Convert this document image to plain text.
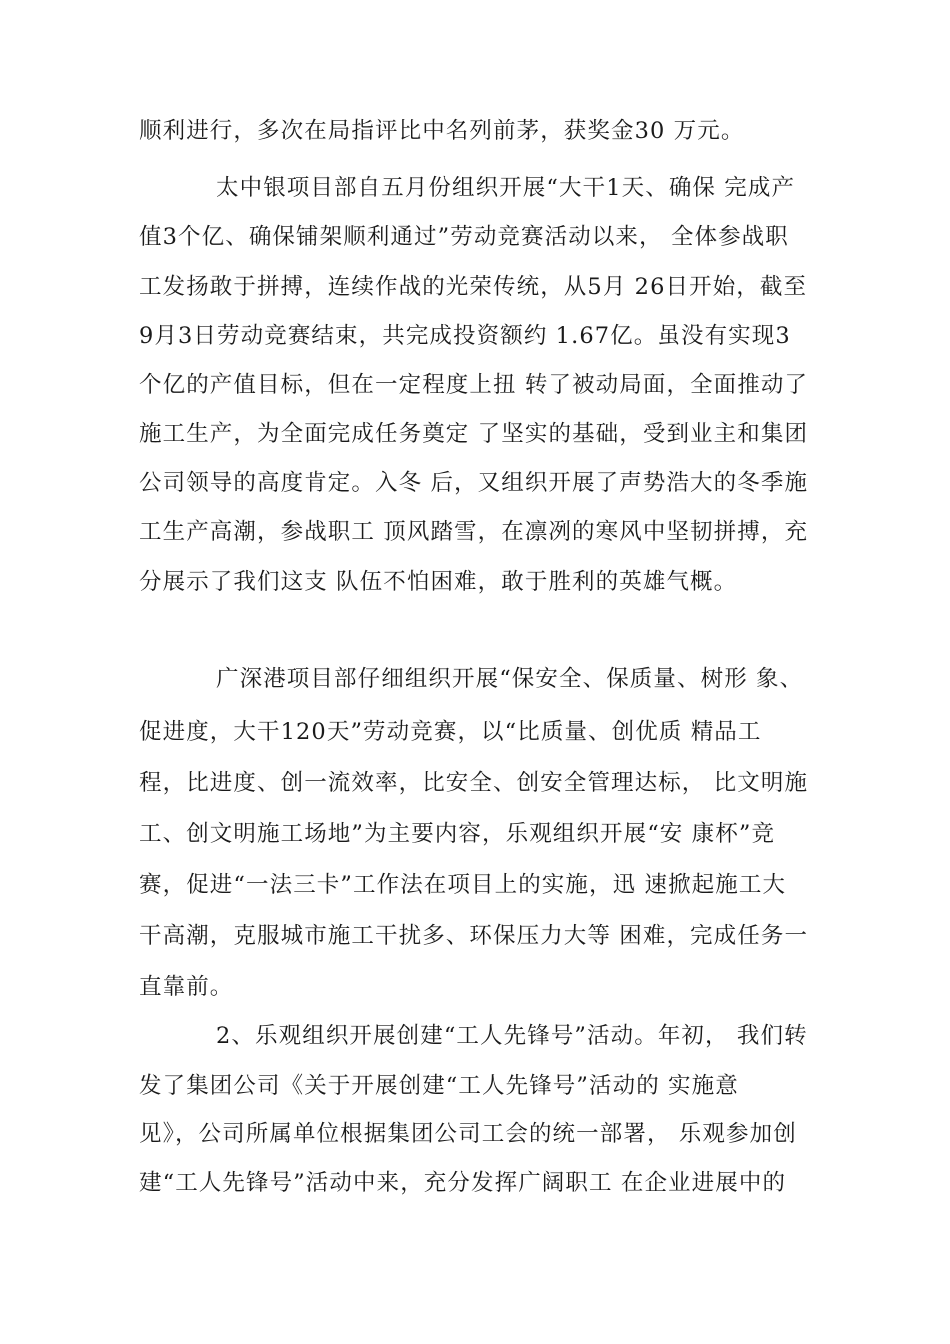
顺利进行，多次在局指评比中名列前茅，获奖金30 万元。
太中银项目部自五月份组织开展“大干1天、确保 完成产
值3个亿、确保铺架顺利通过”劳动竞赛活动以来， 全体参战职
工发扬敢于拼搏，连续作战的光荣传统，从5月 26日开始，截至
9月3日劳动竞赛结束，共完成投资额约 1.67亿。虽没有实现3
个亿的产值目标，但在一定程度上扭 转了被动局面，全面推动了
施工生产，为全面完成任务奠定 了坚实的基础，受到业主和集团
公司领导的高度肯定。入冬 后，又组织开展了声势浩大的冬季施
工生产高潮，参战职工 顶风踏雪，在凛冽的寒风中坚韧拼搏，充
分展示了我们这支 队伍不怕困难，敢于胜利的英雄气概。
广深港项目部仔细组织开展“保安全、保质量、树形 象、
促进度，大干120天”劳动竞赛，以“比质量、创优质 精品工
程，比进度、创一流效率，比安全、创安全管理达标， 比文明施
工、创文明施工场地”为主要内容，乐观组织开展“安 康杯”竞
赛，促进“一法三卡”工作法在项目上的实施，迅 速掀起施工大
干高潮，克服城市施工干扰多、环保压力大等 困难，完成任务一
直靠前。
2、乐观组织开展创建“工人先锋号”活动。年初， 我们转
发了集团公司《关于开展创建“工人先锋号”活动的 实施意
见》，公司所属单位根据集团公司工会的统一部署， 乐观参加创
建“工人先锋号”活动中来，充分发挥广阔职工 在企业进展中的
